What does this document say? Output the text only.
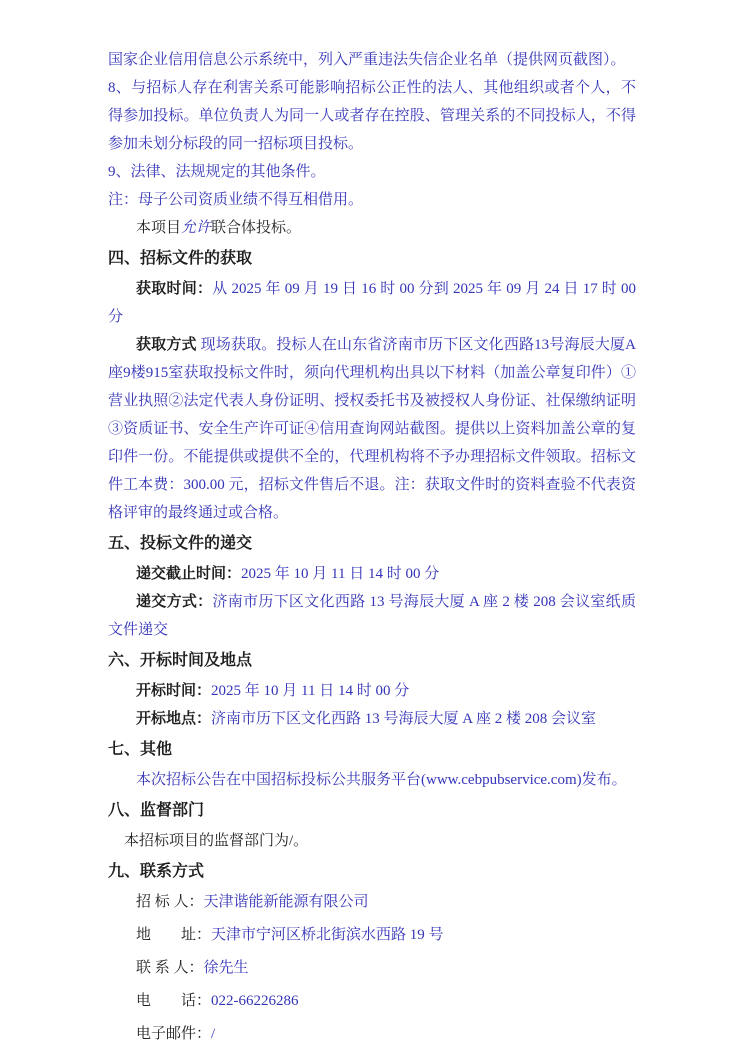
国家企业信用信息公示系统中，列入严重违法失信企业名单（提供网页截图）。

8、与招标人存在利害关系可能影响招标公正性的法人、其他组织或者个人，不得参加投标。单位负责人为同一人或者存在控股、管理关系的不同投标人，不得参加未划分标段的同一招标项目投标。

9、法律、法规规定的其他条件。

注：母子公司资质业绩不得互相借用。

本项目允许联合体投标。

四、招标文件的获取

获取时间：从 2025 年 09 月 19 日 16 时 00 分到 2025 年 09 月 24 日 17 时 00 分

获取方式 现场获取。投标人在山东省济南市历下区文化西路13号海辰大厦A座9楼915室获取投标文件时，须向代理机构出具以下材料（加盖公章复印件）①营业执照②法定代表人身份证明、授权委托书及被授权人身份证、社保缴纳证明③资质证书、安全生产许可证④信用查询网站截图。提供以上资料加盖公章的复印件一份。不能提供或提供不全的，代理机构将不予办理招标文件领取。招标文件工本费：300.00 元，招标文件售后不退。注：获取文件时的资料查验不代表资格评审的最终通过或合格。

五、投标文件的递交

递交截止时间：2025 年 10 月 11 日 14 时 00 分

递交方式：济南市历下区文化西路 13 号海辰大厦 A 座 2 楼 208 会议室纸质文件递交

六、开标时间及地点

开标时间：2025 年 10 月 11 日 14 时 00 分

开标地点：济南市历下区文化西路 13 号海辰大厦 A 座 2 楼 208 会议室

七、其他

本次招标公告在中国招标投标公共服务平台(www.cebpubservice.com)发布。

八、监督部门

本招标项目的监督部门为/。

九、联系方式

招 标 人：天津谐能新能源有限公司

地　　址：天津市宁河区桥北街滨水西路 19 号

联 系 人：徐先生

电　　话：022-66226286

电子邮件：/
